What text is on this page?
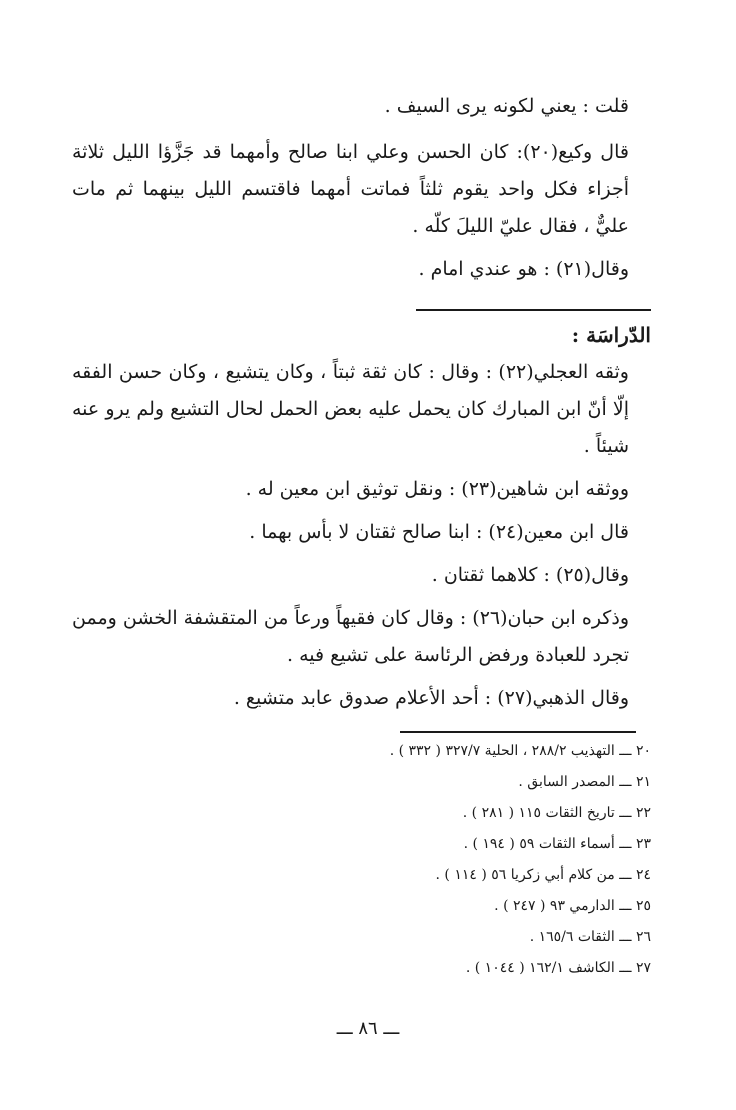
قلت : يعني لكونه يرى السيف .

قال وكيع(٢٠): كان الحسن وعلي ابنا صالح وأمهما قد جَزَّؤا الليل ثلاثة أجزاء فكل واحد يقوم ثلثاً فماتت أمهما فاقتسم الليل بينهما ثم مات عليٌّ ، فقال عليّ الليلَ كلّه .

وقال(٢١) : هو عندي امام .

الدّراسَة :

وثقه العجلي(٢٢) : وقال : كان ثقة ثبتاً ، وكان يتشيع ، وكان حسن الفقه إلّا أنّ ابن المبارك كان يحمل عليه بعض الحمل لحال التشيع ولم يرو عنه شيئاً .

ووثقه ابن شاهين(٢٣) : ونقل توثيق ابن معين له .

قال ابن معين(٢٤) : ابنا صالح ثقتان لا بأس بهما .

وقال(٢٥) : كلاهما ثقتان .

وذكره ابن حبان(٢٦) : وقال كان فقيهاً ورعاً من المتقشفة الخشن وممن تجرد للعبادة ورفض الرئاسة على تشيع فيه .

وقال الذهبي(٢٧) : أحد الأعلام صدوق عابد متشيع .

٢٠ ـــ التهذيب ٢٨٨/٢ ، الحلية ٣٢٧/٧ ( ٣٣٢ ) .
٢١ ـــ المصدر السابق .
٢٢ ـــ تاريخ الثقات ١١٥ ( ٢٨١ ) .
٢٣ ـــ أسماء الثقات ٥٩ ( ١٩٤ ) .
٢٤ ـــ من كلام أبي زكريا ٥٦ ( ١١٤ ) .
٢٥ ـــ الدارمي ٩٣ ( ٢٤٧ ) .
٢٦ ـــ الثقات ١٦٥/٦ .
٢٧ ـــ الكاشف ١٦٢/١ ( ١٠٤٤ ) .
ـــ ٨٦ ـــ
